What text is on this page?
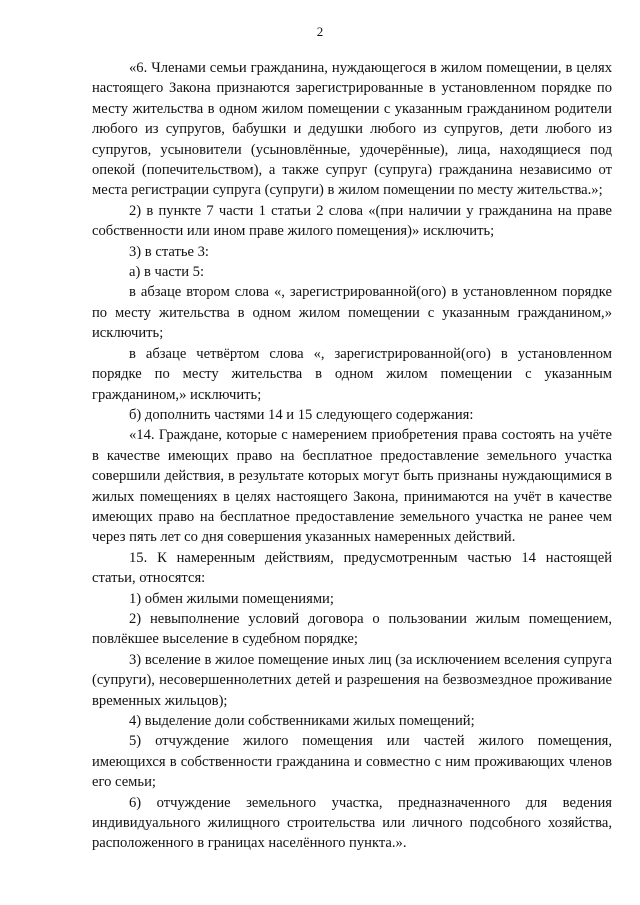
2

«6. Членами семьи гражданина, нуждающегося в жилом помещении, в целях настоящего Закона признаются зарегистрированные в установленном порядке по месту жительства в одном жилом помещении с указанным гражданином родители любого из супругов, бабушки и дедушки любого из супругов, дети любого из супругов, усыновители (усыновлённые, удочерённые), лица, находящиеся под опекой (попечительством), а также супруг (супруга) гражданина независимо от места регистрации супруга (супруги) в жилом помещении по месту жительства.»;

2) в пункте 7 части 1 статьи 2 слова «(при наличии у гражданина на праве собственности или ином праве жилого помещения)» исключить;

3) в статье 3:

а) в части 5:

в абзаце втором слова «, зарегистрированной(ого) в установленном порядке по месту жительства в одном жилом помещении с указанным гражданином,» исключить;

в абзаце четвёртом слова «, зарегистрированной(ого) в установленном порядке по месту жительства в одном жилом помещении с указанным гражданином,» исключить;

б) дополнить частями 14 и 15 следующего содержания:

«14. Граждане, которые с намерением приобретения права состоять на учёте в качестве имеющих право на бесплатное предоставление земельного участка совершили действия, в результате которых могут быть признаны нуждающимися в жилых помещениях в целях настоящего Закона, принимаются на учёт в качестве имеющих право на бесплатное предоставление земельного участка не ранее чем через пять лет со дня совершения указанных намеренных действий.

15. К намеренным действиям, предусмотренным частью 14 настоящей статьи, относятся:

1) обмен жилыми помещениями;

2) невыполнение условий договора о пользовании жилым помещением, повлёкшее выселение в судебном порядке;

3) вселение в жилое помещение иных лиц (за исключением вселения супруга (супруги), несовершеннолетних детей и разрешения на безвозмездное проживание временных жильцов);

4) выделение доли собственниками жилых помещений;

5) отчуждение жилого помещения или частей жилого помещения, имеющихся в собственности гражданина и совместно с ним проживающих членов его семьи;

6) отчуждение земельного участка, предназначенного для ведения индивидуального жилищного строительства или личного подсобного хозяйства, расположенного в границах населённого пункта.».
